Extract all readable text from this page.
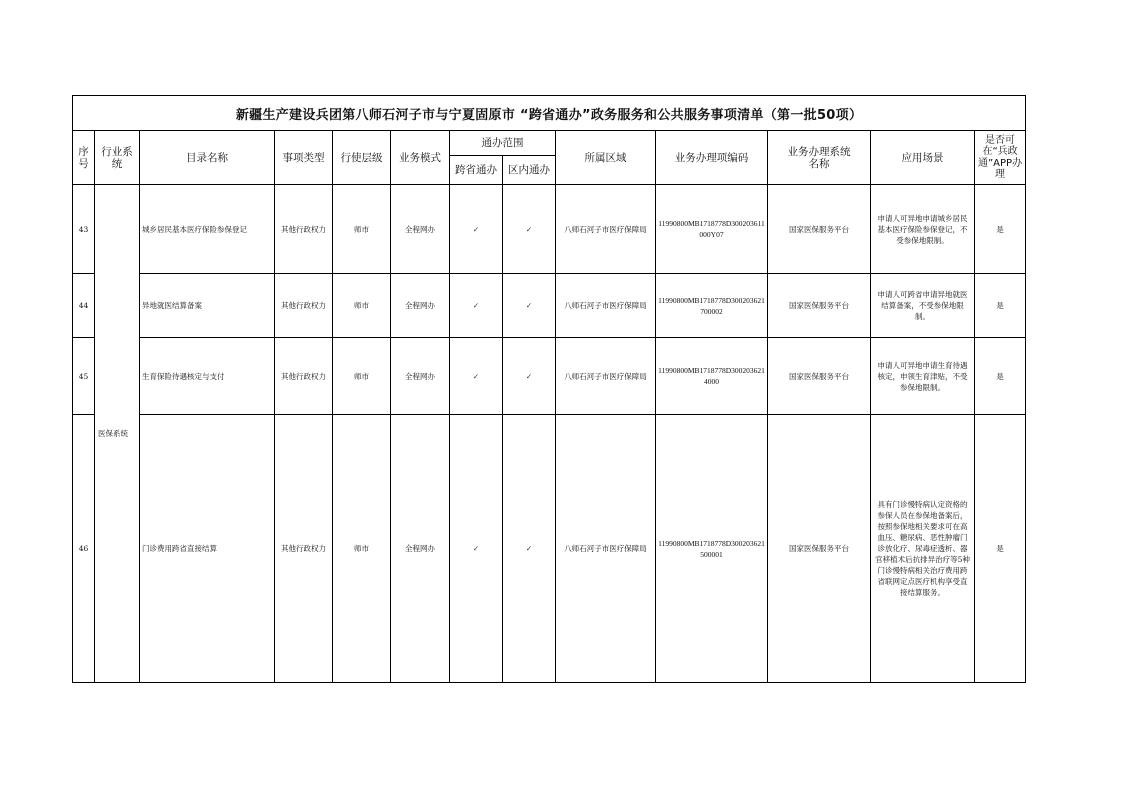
新疆生产建设兵团第八师石河子市与宁夏固原市 “跨省通办”政务服务和公共服务事项清单（第一批50项）												
序号	行业系统	目录名称	事项类型	行使层级	业务模式	通办范围		所属区域	业务办理项编码	业务办理系统名称	应用场景	是否可在“兵政通”APP办理
						跨省通办	区内通办					
43	医保系统	城乡居民基本医疗保险参保登记	其他行政权力	师市	全程网办	✓	✓	八师石河子市医疗保障局	11990800MB1718778D300203611000Y07	国家医保服务平台	申请人可异地申请城乡居民基本医疗保险参保登记，不受参保地限制。	是
44		异地就医结算备案	其他行政权力	师市	全程网办	✓	✓	八师石河子市医疗保障局	11990800MB1718778D300203621700002	国家医保服务平台	申请人可跨省申请异地就医结算备案，不受参保地限制。	是
45		生育保险待遇核定与支付	其他行政权力	师市	全程网办	✓	✓	八师石河子市医疗保障局	11990800MB1718778D3002036214000	国家医保服务平台	申请人可异地申请生育待遇核定，申领生育津贴，不受参保地限制。	是
46		门诊费用跨省直接结算	其他行政权力	师市	全程网办	✓	✓	八师石河子市医疗保障局	11990800MB1718778D300203621500001	国家医保服务平台	具有门诊慢特病认定资格的参保人员在参保地备案后，按照参保地相关要求可在高血压、糖尿病、恶性肿瘤门诊放化疗、尿毒症透析、器官移植术后抗排异治疗等5种门诊慢特病相关治疗费用跨省联网定点医疗机构享受直接结算服务。	是
